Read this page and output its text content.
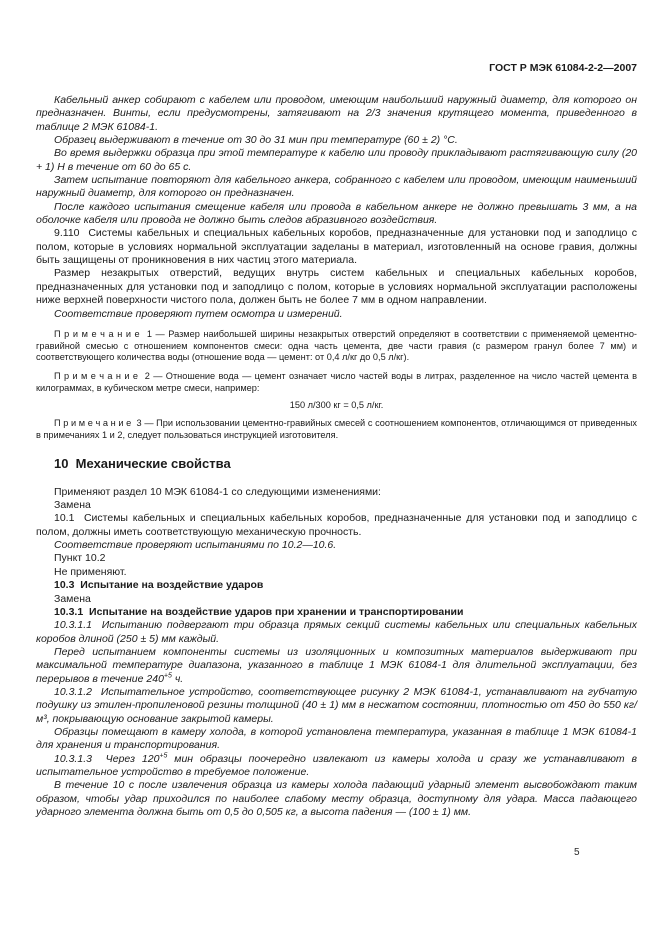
ГОСТ Р МЭК 61084-2-2—2007

Кабельный анкер собирают с кабелем или проводом, имеющим наибольший наружный диаметр, для которого он предназначен. Винты, если предусмотрены, затягивают на 2/3 значения крутящего момента, приведенного в таблице 2 МЭК 61084-1.

Образец выдерживают в течение от 30 до 31 мин при температуре (60 ± 2) °С.

Во время выдержки образца при этой температуре к кабелю или проводу прикладывают растягивающую силу (20 + 1) Н в течение от 60 до 65 с.

Затем испытание повторяют для кабельного анкера, собранного с кабелем или проводом, имеющим наименьший наружный диаметр, для которого он предназначен.

После каждого испытания смещение кабеля или провода в кабельном анкере не должно превышать 3 мм, а на оболочке кабеля или провода не должно быть следов абразивного воздействия.

9.110  Системы кабельных и специальных кабельных коробов, предназначенные для установки под и заподлицо с полом, которые в условиях нормальной эксплуатации заделаны в материал, изготовленный на основе гравия, должны быть защищены от проникновения в них частиц этого материала.

Размер незакрытых отверстий, ведущих внутрь систем кабельных и специальных кабельных коробов, предназначенных для установки под и заподлицо с полом, которые в условиях нормальной эксплуатации расположены ниже верхней поверхности чистого пола, должен быть не более 7 мм в одном направлении.

Соответствие проверяют путем осмотра и измерений.

П р и м е ч а н и е  1 — Размер наибольшей ширины незакрытых отверстий определяют в соответствии с применяемой цементно-гравийной смесью с отношением компонентов смеси: одна часть цемента, две части гравия (с размером гранул более 7 мм) и соответствующего количества воды (отношение вода — цемент: от 0,4 л/кг до 0,5 л/кг).

П р и м е ч а н и е  2 — Отношение вода — цемент означает число частей воды в литрах, разделенное на число частей цемента в килограммах, в кубическом метре смеси, например:

150 л/300 кг = 0,5 л/кг.

П р и м е ч а н и е  3 — При использовании цементно-гравийных смесей с соотношением компонентов, отличающимся от приведенных в примечаниях 1 и 2, следует пользоваться инструкцией изготовителя.

10  Механические свойства

Применяют раздел 10 МЭК 61084-1 со следующими изменениями:

Замена

10.1  Системы кабельных и специальных кабельных коробов, предназначенные для установки под и заподлицо с полом, должны иметь соответствующую механическую прочность.

Соответствие проверяют испытаниями по 10.2—10.6.

Пункт 10.2

Не применяют.

10.3  Испытание на воздействие ударов

Замена

10.3.1  Испытание на воздействие ударов при хранении и транспортировании

10.3.1.1  Испытанию подвергают три образца прямых секций системы кабельных или специальных кабельных коробов длиной (250 ± 5) мм каждый.

Перед испытанием компоненты системы из изоляционных и композитных материалов выдерживают при максимальной температуре диапазона, указанного в таблице 1 МЭК 61084-1 для длительной эксплуатации, без перерывов в течение $240^{+5}$ ч.

10.3.1.2  Испытательное устройство, соответствующее рисунку 2 МЭК 61084-1, устанавливают на губчатую подушку из этилен-пропиленовой резины толщиной (40 ± 1) мм в несжатом состоянии, плотностью от 450 до 550 кг/м³, покрывающую основание закрытой камеры.

Образцы помещают в камеру холода, в которой установлена температура, указанная в таблице 1 МЭК 61084-1 для хранения и транспортирования.

10.3.1.3  Через $120^{+5}$ мин образцы поочередно извлекают из камеры холода и сразу же устанавливают в испытательное устройство в требуемое положение.

В течение 10 с после извлечения образца из камеры холода падающий ударный элемент высвобождают таким образом, чтобы удар приходился по наиболее слабому месту образца, доступному для удара. Масса падающего ударного элемента должна быть от 0,5 до 0,505 кг, а высота падения — (100 ± 1) мм.

5
